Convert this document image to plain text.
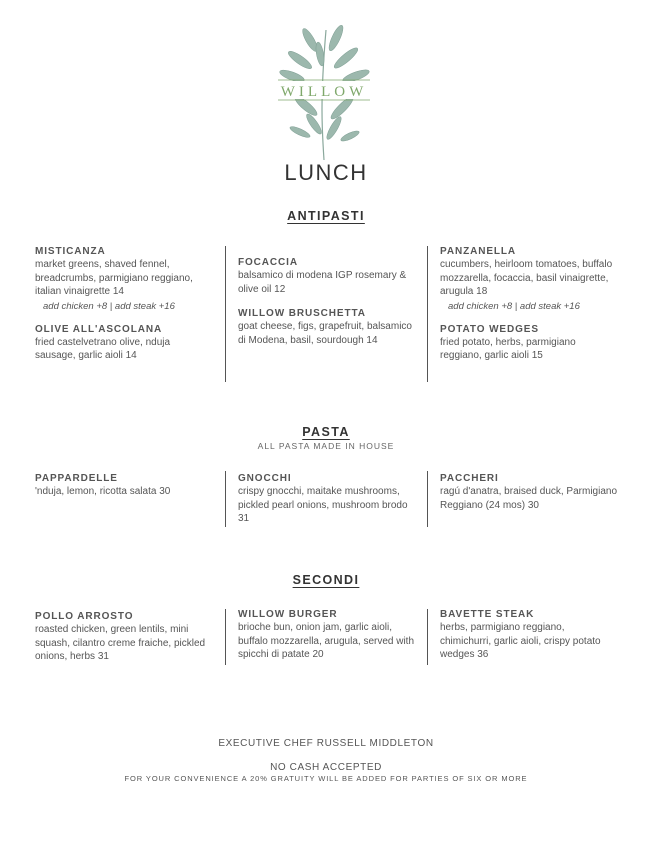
WILLOW
LUNCH
ANTIPASTI

MISTICANZA

market greens, shaved fennel, breadcrumbs, parmigiano reggiano, italian vinaigrette 14

add chicken +8 | add steak +16

OLIVE ALL'ASCOLANA

fried castelvetrano olive, nduja sausage, garlic aioli 14

FOCACCIA

balsamico di modena IGP rosemary & olive oil 12

WILLOW BRUSCHETTA

goat cheese, figs, grapefruit, balsamico di Modena, basil, sourdough 14

PANZANELLA

cucumbers, heirloom tomatoes, buffalo mozzarella, focaccia, basil vinaigrette, arugula 18

add chicken +8 | add steak +16

POTATO WEDGES

fried potato, herbs, parmigiano reggiano, garlic aioli 15

PASTA
ALL PASTA MADE IN HOUSE

PAPPARDELLE

'nduja, lemon, ricotta salata 30

GNOCCHI

crispy gnocchi, maitake mushrooms, pickled pearl onions, mushroom brodo 31

PACCHERI

ragú d'anatra, braised duck, Parmigiano Reggiano (24 mos) 30

SECONDI

POLLO ARROSTO

roasted chicken, green lentils, mini squash, cilantro creme fraiche, pickled onions, herbs 31

WILLOW BURGER

brioche bun, onion jam, garlic aioli, buffalo mozzarella, arugula, served with spicchi di patate 20

BAVETTE STEAK

herbs, parmigiano reggiano, chimichurri, garlic aioli, crispy potato wedges 36

EXECUTIVE CHEF RUSSELL MIDDLETON
NO CASH ACCEPTED
FOR YOUR CONVENIENCE A 20% GRATUITY WILL BE ADDED FOR PARTIES OF SIX OR MORE
